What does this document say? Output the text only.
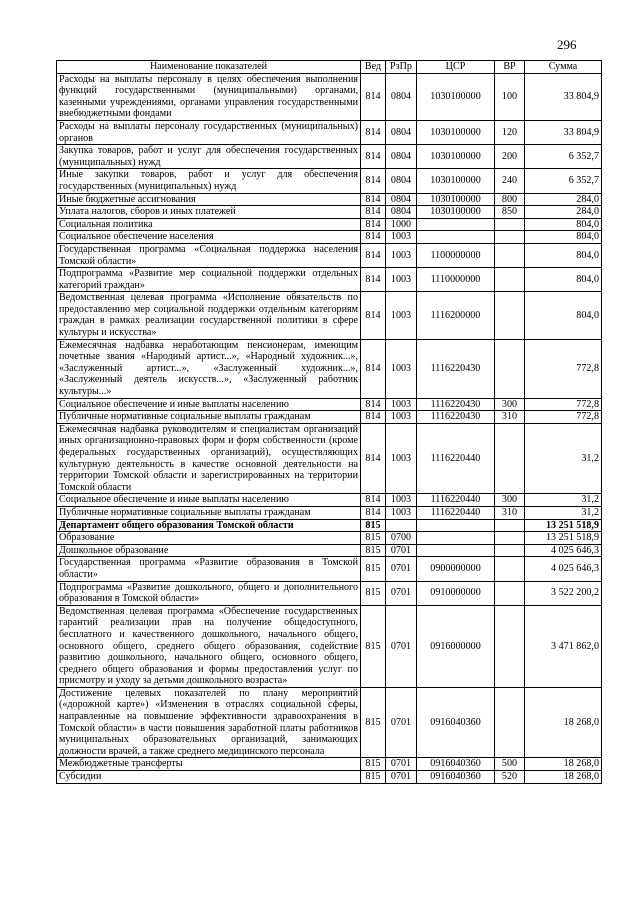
296
Наименование показателей	Вед	РзПр	ЦСР	ВР	Сумма
Расходы на выплаты персоналу в целях обеспечения выполнения функций государственными (муниципальными) органами, казенными учреждениями, органами управления государственными внебюджетными фондами	814	0804	1030100000	100	33 804,9
Расходы на выплаты персоналу государственных (муниципальных) органов	814	0804	1030100000	120	33 804,9
Закупка товаров, работ и услуг для обеспечения государственных (муниципальных) нужд	814	0804	1030100000	200	6 352,7
Иные закупки товаров, работ и услуг для обеспечения государственных (муниципальных) нужд	814	0804	1030100000	240	6 352,7
Иные бюджетные ассигнования	814	0804	1030100000	800	284,0
Уплата налогов, сборов и иных платежей	814	0804	1030100000	850	284,0
Социальная политика	814	1000			804,0
Социальное обеспечение населения	814	1003			804,0
Государственная программа «Социальная поддержка населения Томской области»	814	1003	1100000000		804,0
Подпрограмма «Развитие мер социальной поддержки отдельных категорий граждан»	814	1003	1110000000		804,0
Ведомственная целевая программа «Исполнение обязательств по предоставлению мер социальной поддержки отдельным категориям граждан в рамках реализации государственной политики в сфере культуры и искусства»	814	1003	1116200000		804,0
Ежемесячная надбавка неработающим пенсионерам, имеющим почетные звания «Народный артист...», «Народный художник...», «Заслуженный артист...», «Заслуженный художник...», «Заслуженный деятель искусств...», «Заслуженный работник культуры...»	814	1003	1116220430		772,8
Социальное обеспечение и иные выплаты населению	814	1003	1116220430	300	772,8
Публичные нормативные социальные выплаты гражданам	814	1003	1116220430	310	772,8
Ежемесячная надбавка руководителям и специалистам организаций иных организационно-правовых форм и форм собственности (кроме федеральных государственных организаций), осуществляющих культурную деятельность в качестве основной деятельности на территории Томской области и зарегистрированных на территории Томской области	814	1003	1116220440		31,2
Социальное обеспечение и иные выплаты населению	814	1003	1116220440	300	31,2
Публичные нормативные социальные выплаты гражданам	814	1003	1116220440	310	31,2
Департамент общего образования Томской области	815				13 251 518,9
Образование	815	0700			13 251 518,9
Дошкольное образование	815	0701			4 025 646,3
Государственная программа «Развитие образования в Томской области»	815	0701	0900000000		4 025 646,3
Подпрограмма «Развитие дошкольного, общего и дополнительного образования в Томской области»	815	0701	0910000000		3 522 200,2
Ведомственная целевая программа «Обеспечение государственных гарантий реализации прав на получение общедоступного, бесплатного и качественного дошкольного, начального общего, основного общего, среднего общего образования, содействие развитию дошкольного, начального общего, основного общего, среднего общего образования и формы предоставления услуг по присмотру и уходу за детьми дошкольного возраста»	815	0701	0916000000		3 471 862,0
Достижение целевых показателей по плану мероприятий («дорожной карте») «Изменения в отраслях социальной сферы, направленные на повышение эффективности здравоохранения в Томской области» в части повышения заработной платы работников муниципальных образовательных организаций, занимающих должности врачей, а также среднего медицинского персонала	815	0701	0916040360		18 268,0
Межбюджетные трансферты	815	0701	0916040360	500	18 268,0
Субсидии	815	0701	0916040360	520	18 268,0
